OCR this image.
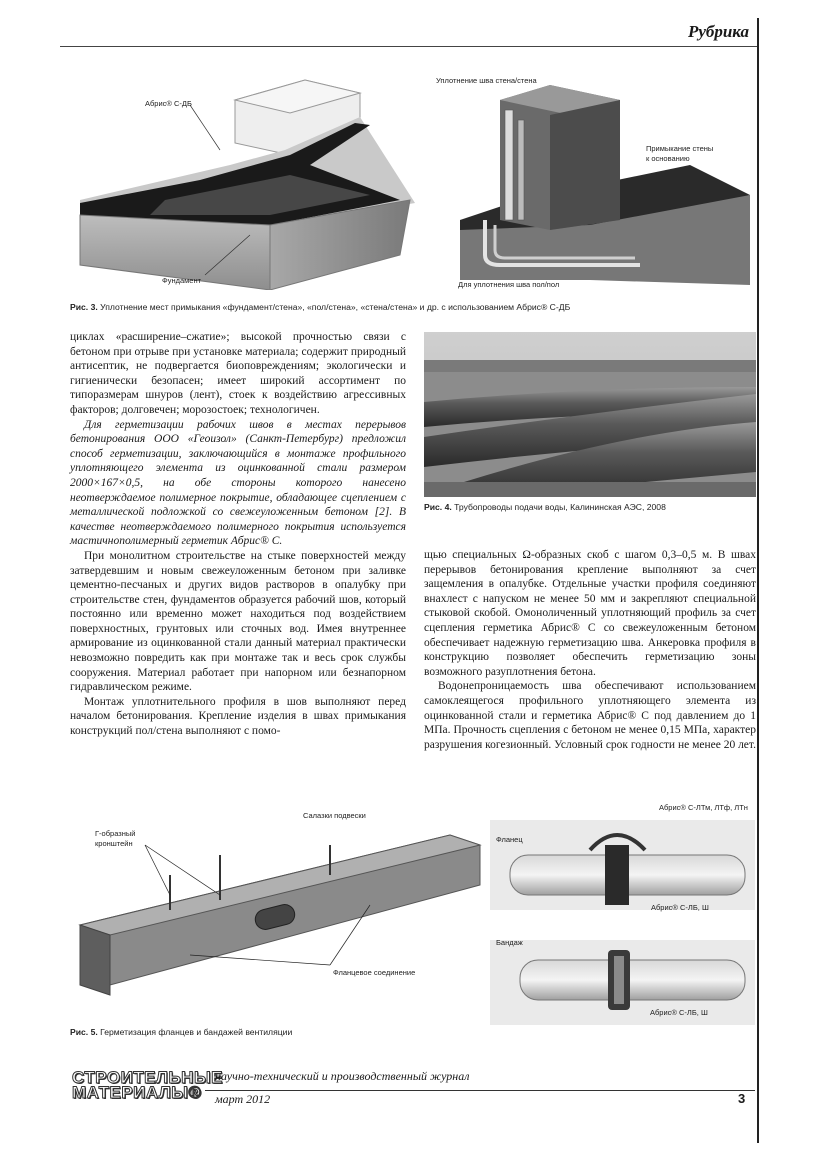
Рубрика
Абрис® С-ДБ
Фундамент
Уплотнение шва стена/стена
Примыкание стены
к основанию
Для уплотнения шва пол/пол
Рис. 3. Уплотнение мест примыкания «фундамент/стена», «пол/стена», «стена/стена» и др. с использованием Абрис® С-ДБ

циклах «расширение–сжатие»; высокой прочностью связи с бетоном при отрыве при установке материала; содержит природный антисептик, не подвергается биоповреждениям; экологически и гигиенически безопасен; имеет широкий ассортимент по типоразмерам шнуров (лент), стоек к воздействию агрессивных факторов; долговечен; морозостоек; технологичен.

Для герметизации рабочих швов в местах перерывов бетонирования ООО «Геоизол» (Санкт-Петербург) предложил способ герметизации, заключающийся в монтаже профильного уплотняющего элемента из оцинкованной стали размером 2000×167×0,5, на обе стороны которого нанесено неотверждаемое полимерное покрытие, обладающее сцеплением с металлической подложкой со свежеуложенным бетоном [2]. В качестве неотверждаемого полимерного покрытия используется мастичнополимерный герметик Абрис® С.

При монолитном строительстве на стыке поверхностей между затвердевшим и новым свежеуложенным бетоном при заливке цементно-песчаных и других видов растворов в опалубку при строительстве стен, фундаментов образуется рабочий шов, который постоянно или временно может находиться под воздействием поверхностных, грунтовых или сточных вод. Имея внутреннее армирование из оцинкованной стали данный материал практически невозможно повредить как при монтаже так и весь срок службы сооружения. Материал работает при напорном или безнапорном гидравлическом режиме.

Монтаж уплотнительного профиля в шов выполняют перед началом бетонирования. Крепление изделия в швах примыкания конструкций пол/стена выполняют с помо-

Рис. 4. Трубопроводы подачи воды, Калининская АЭС, 2008

щью специальных Ω-образных скоб с шагом 0,3–0,5 м. В швах перерывов бетонирования крепление выполняют за счет защемления в опалубке. Отдельные участки профиля соединяют внахлест с напуском не менее 50 мм и закрепляют специальной стыковой скобой. Омоноличенный уплотняющий профиль за счет сцепления герметика Абрис® С со свежеуложенным бетоном обеспечивает надежную герметизацию шва. Анкеровка профиля в конструкцию позволяет обеспечить герметизацию зоны возможного разуплотнения бетона.

Водонепроницаемость шва обеспечивают использованием самоклеящегося профильного уплотняющего элемента из оцинкованной стали и герметика Абрис® С под давлением до 1 МПа. Прочность сцепления с бетоном не менее 0,15 МПа, характер разрушения когезионный. Условный срок годности не менее 20 лет.

Г-образный
кронштейн
Салазки подвески
Фланцевое соединение
Абрис® С-ЛТм, ЛТф, ЛТн
Фланец
Абрис® С-ЛБ, Ш
Бандаж
Абрис® С-ЛБ, Ш
Рис. 5. Герметизация фланцев и бандажей вентиляции
СТРОИТЕЛЬНЫЕ
МАТЕРИАЛЫ®
научно-технический и производственный журнал
март 2012	3
